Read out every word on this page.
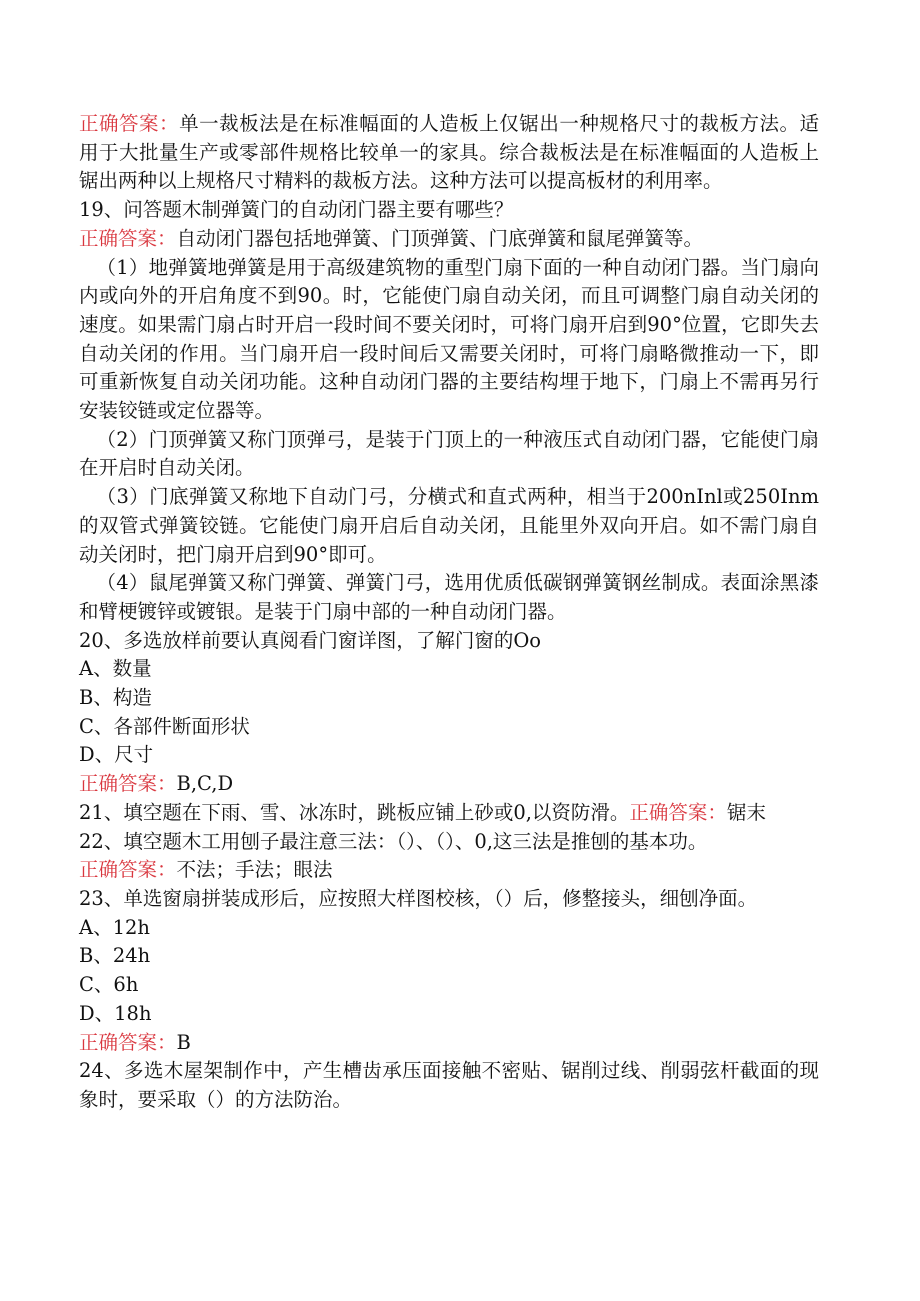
正确答案：单一裁板法是在标准幅面的人造板上仅锯出一种规格尺寸的裁板方法。适用于大批量生产或零部件规格比较单一的家具。综合裁板法是在标准幅面的人造板上锯出两种以上规格尺寸精料的裁板方法。这种方法可以提高板材的利用率。

19、问答题木制弹簧门的自动闭门器主要有哪些？

正确答案：自动闭门器包括地弹簧、门顶弹簧、门底弹簧和鼠尾弹簧等。

（1）地弹簧地弹簧是用于高级建筑物的重型门扇下面的一种自动闭门器。当门扇向内或向外的开启角度不到90。时，它能使门扇自动关闭，而且可调整门扇自动关闭的速度。如果需门扇占时开启一段时间不要关闭时，可将门扇开启到90°位置，它即失去自动关闭的作用。当门扇开启一段时间后又需要关闭时，可将门扇略微推动一下，即可重新恢复自动关闭功能。这种自动闭门器的主要结构埋于地下，门扇上不需再另行安装铰链或定位器等。

（2）门顶弹簧又称门顶弹弓，是装于门顶上的一种液压式自动闭门器，它能使门扇在开启时自动关闭。

（3）门底弹簧又称地下自动门弓，分横式和直式两种，相当于200nInl或250Inm的双管式弹簧铰链。它能使门扇开启后自动关闭，且能里外双向开启。如不需门扇自动关闭时，把门扇开启到90°即可。

（4）鼠尾弹簧又称门弹簧、弹簧门弓，选用优质低碳钢弹簧钢丝制成。表面涂黑漆和臂梗镀锌或镀银。是装于门扇中部的一种自动闭门器。

20、多选放样前要认真阅看门窗详图，了解门窗的Oo

A、数量

B、构造

C、各部件断面形状

D、尺寸

正确答案：B,C,D

21、填空题在下雨、雪、冰冻时，跳板应铺上砂或0,以资防滑。正确答案：锯末

22、填空题木工用刨子最注意三法：（）、（）、0,这三法是推刨的基本功。

正确答案：不法；手法；眼法

23、单选窗扇拼装成形后，应按照大样图校核，（）后，修整接头，细刨净面。

A、12h

B、24h

C、6h

D、18h

正确答案：B

24、多选木屋架制作中，产生槽齿承压面接触不密贴、锯削过线、削弱弦杆截面的现象时，要采取（）的方法防治。
